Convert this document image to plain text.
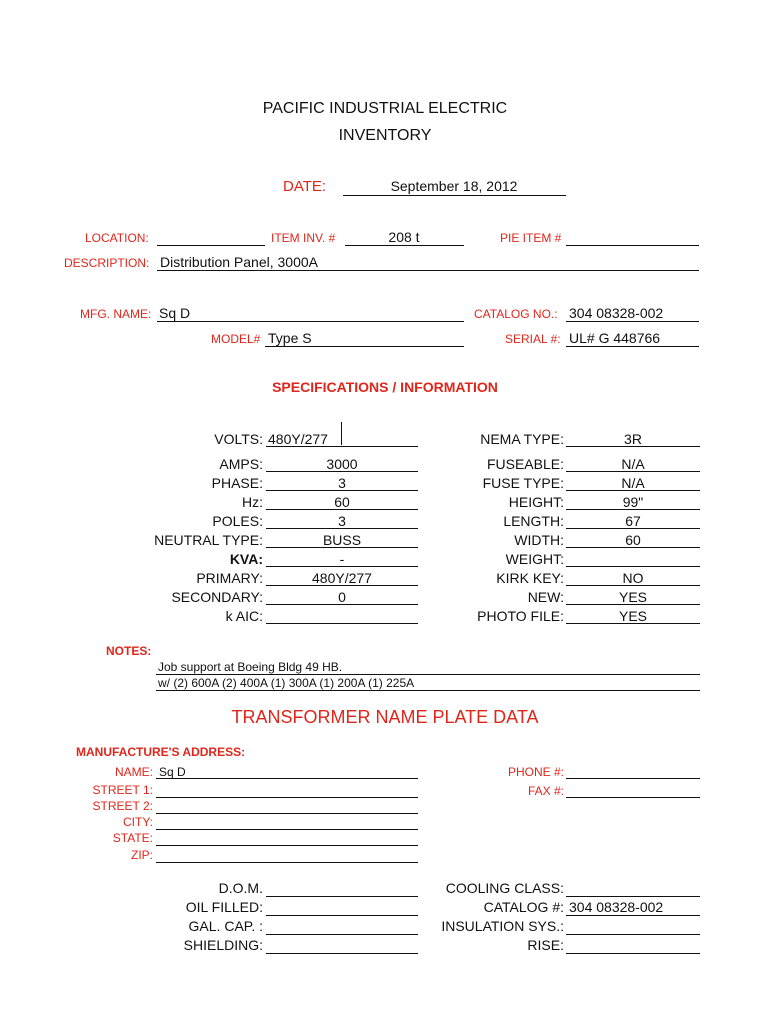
PACIFIC INDUSTRIAL ELECTRIC
INVENTORY
DATE:	September 18, 2012
LOCATION:	ITEM INV. #	208 t	PIE ITEM #
DESCRIPTION: Distribution Panel, 3000A
MFG. NAME: Sq D	CATALOG NO.: 304 08328-002
MODEL# Type S	SERIAL #: UL# G 448766
SPECIFICATIONS / INFORMATION
VOLTS: 480Y/277
AMPS:	3000
PHASE:	3
Hz:	60
POLES:	3
NEUTRAL TYPE:	BUSS
KVA:	-
PRIMARY:	480Y/277
SECONDARY:	0
k AIC:
NEMA TYPE:	3R
FUSEABLE:	N/A
FUSE TYPE:	N/A
HEIGHT:	99"
LENGTH:	67
WIDTH:	60
WEIGHT:
KIRK KEY:	NO
NEW:	YES
PHOTO FILE:	YES
NOTES:
Job support at Boeing Bldg 49 HB.
w/ (2) 600A (2) 400A (1) 300A (1) 200A (1) 225A
TRANSFORMER NAME PLATE DATA
MANUFACTURE'S ADDRESS:
NAME: Sq D
STREET 1:
STREET 2:
CITY:
STATE:
ZIP:
PHONE #:
FAX #:
D.O.M.
OIL FILLED:
GAL. CAP. :
SHIELDING:
COOLING CLASS:
CATALOG #: 304 08328-002
INSULATION SYS.:
RISE:
